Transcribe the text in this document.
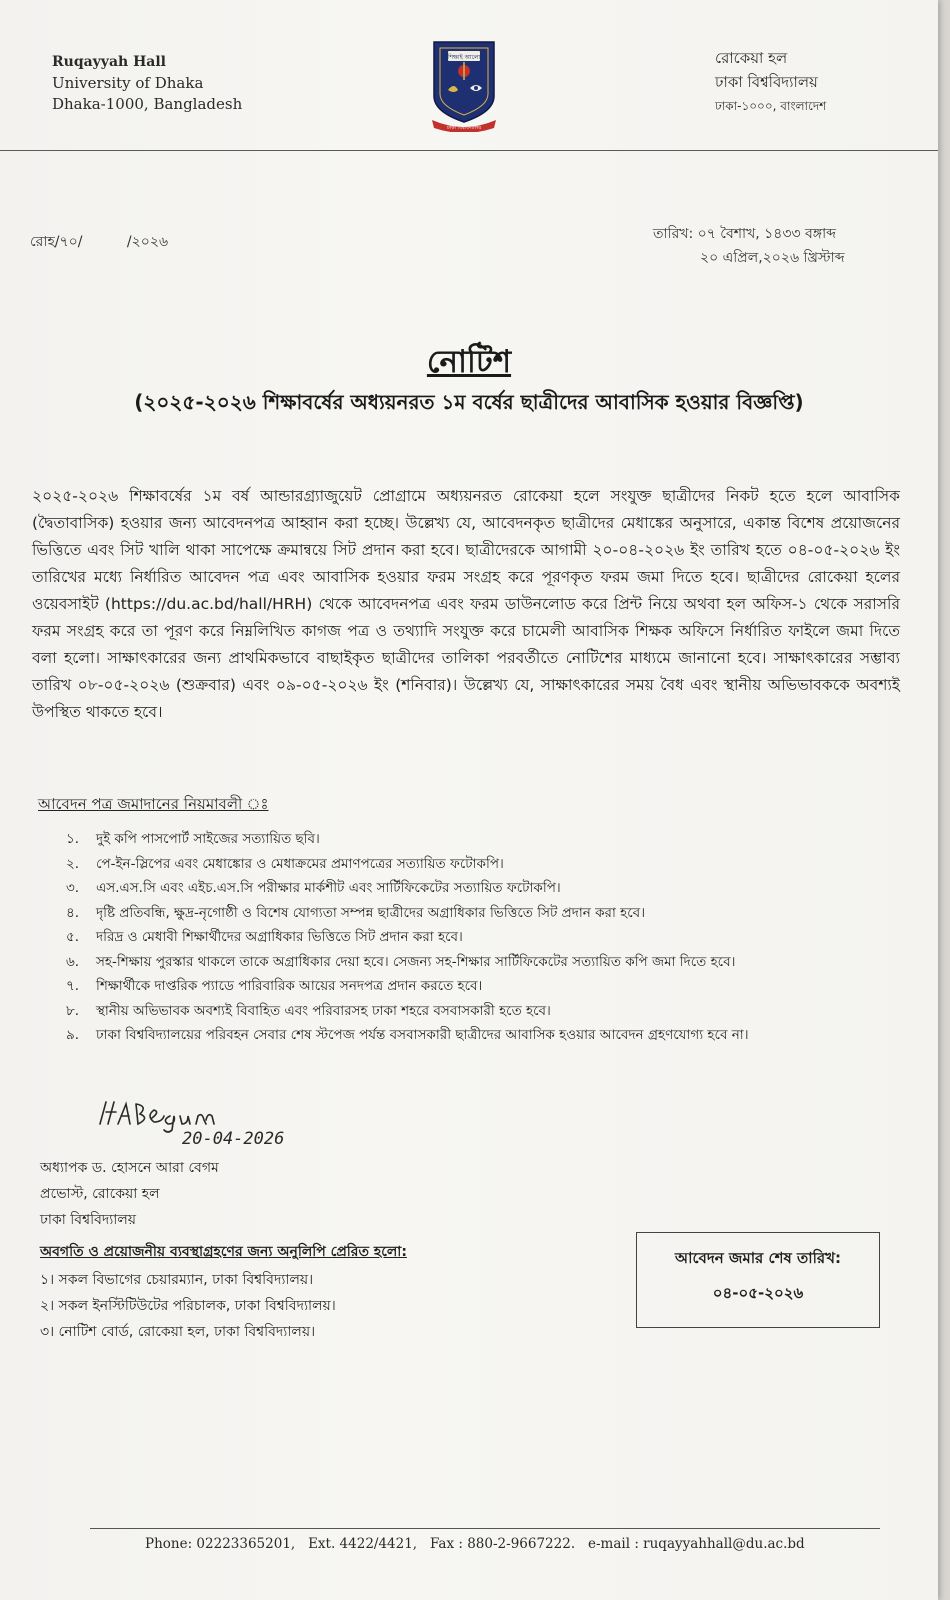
Ruqayyah Hall
University of Dhaka
Dhaka-1000, Bangladesh
শিক্ষাই আলো
ঢাকা বিশ্ববিদ্যালয়
রোকেয়া হল
ঢাকা বিশ্ববিদ্যালয়
ঢাকা-১০০০, বাংলাদেশ
রোহ/৭০/          /২০২৬	তারিখ: ০৭ বৈশাখ, ১৪৩৩ বঙ্গাব্দ
২০ এপ্রিল,২০২৬ খ্রিস্টাব্দ
নোটিশ
(২০২৫-২০২৬ শিক্ষাবর্ষের অধ্যয়নরত ১ম বর্ষের ছাত্রীদের আবাসিক হওয়ার বিজ্ঞপ্তি)
২০২৫-২০২৬ শিক্ষাবর্ষের ১ম বর্ষ আন্ডারগ্র্যাজুয়েট প্রোগ্রামে অধ্যয়নরত রোকেয়া হলে সংযুক্ত ছাত্রীদের নিকট হতে হলে আবাসিক (দ্বৈতাবাসিক) হওয়ার জন্য আবেদনপত্র আহ্বান করা হচ্ছে। উল্লেখ্য যে, আবেদনকৃত ছাত্রীদের মেধাঙ্কের অনুসারে, একান্ত বিশেষ প্রয়োজনের ভিত্তিতে এবং সিট খালি থাকা সাপেক্ষে ক্রমান্বয়ে সিট প্রদান করা হবে। ছাত্রীদেরকে আগামী ২০-০৪-২০২৬ ইং তারিখ হতে ০৪-০৫-২০২৬ ইং তারিখের মধ্যে নির্ধারিত আবেদন পত্র এবং আবাসিক হওয়ার ফরম সংগ্রহ করে পূরণকৃত ফরম জমা দিতে হবে। ছাত্রীদের রোকেয়া হলের ওয়েবসাইট (https://du.ac.bd/hall/HRH) থেকে আবেদনপত্র এবং ফরম ডাউনলোড করে প্রিন্ট নিয়ে অথবা হল অফিস-১ থেকে সরাসরি ফরম সংগ্রহ করে তা পূরণ করে নিম্নলিখিত কাগজ পত্র ও তথ্যাদি সংযুক্ত করে চামেলী আবাসিক শিক্ষক অফিসে নির্ধারিত ফাইলে জমা দিতে বলা হলো। সাক্ষাৎকারের জন্য প্রাথমিকভাবে বাছাইকৃত ছাত্রীদের তালিকা পরবর্তীতে নোটিশের মাধ্যমে জানানো হবে। সাক্ষাৎকারের সম্ভাব্য তারিখ ০৮-০৫-২০২৬ (শুক্রবার) এবং ০৯-০৫-২০২৬ ইং (শনিবার)। উল্লেখ্য যে, সাক্ষাৎকারের সময় বৈধ এবং স্থানীয় অভিভাবককে অবশ্যই উপস্থিত থাকতে হবে।
আবেদন পত্র জমাদানের নিয়মাবলী ঃ
১. দুই কপি পাসপোর্ট সাইজের সত্যায়িত ছবি।
২. পে-ইন-স্লিপের এবং মেধাঙ্কোর ও মেধাক্রমের প্রমাণপত্রের সত্যায়িত ফটোকপি।
৩. এস.এস.সি এবং এইচ.এস.সি পরীক্ষার মার্কশীট এবং সার্টিফিকেটের সত্যায়িত ফটোকপি।
৪. দৃষ্টি প্রতিবন্ধি, ক্ষুদ্র-নৃগোষ্ঠী ও বিশেষ যোগ্যতা সম্পন্ন ছাত্রীদের অগ্রাধিকার ভিত্তিতে সিট প্রদান করা হবে।
৫. দরিদ্র ও মেধাবী শিক্ষার্থীদের অগ্রাধিকার ভিত্তিতে সিট প্রদান করা হবে।
৬. সহ-শিক্ষায় পুরস্কার থাকলে তাকে অগ্রাধিকার দেয়া হবে। সেজন্য সহ-শিক্ষার সার্টিফিকেটের সত্যায়িত কপি জমা দিতে হবে।
৭. শিক্ষার্থীকে দাপ্তরিক প্যাডে পারিবারিক আয়ের সনদপত্র প্রদান করতে হবে।
৮. স্থানীয় অভিভাবক অবশ্যই বিবাহিত এবং পরিবারসহ ঢাকা শহরে বসবাসকারী হতে হবে।
৯. ঢাকা বিশ্ববিদ্যালয়ের পরিবহন সেবার শেষ স্টপেজ পর্যন্ত বসবাসকারী ছাত্রীদের আবাসিক হওয়ার আবেদন গ্রহণযোগ্য হবে না।
20-04-2026
অধ্যাপক ড. হোসনে আরা বেগম
প্রভোস্ট, রোকেয়া হল
ঢাকা বিশ্ববিদ্যালয়
অবগতি ও প্রয়োজনীয় ব্যবস্থাগ্রহণের জন্য অনুলিপি প্রেরিত হলো:
১। সকল বিভাগের চেয়ারম্যান, ঢাকা বিশ্ববিদ্যালয়।
২। সকল ইনস্টিটিউটের পরিচালক, ঢাকা বিশ্ববিদ্যালয়।
৩। নোটিশ বোর্ড, রোকেয়া হল, ঢাকা বিশ্ববিদ্যালয়।
আবেদন জমার শেষ তারিখ:
০৪-০৫-২০২৬
Phone: 02223365201,   Ext. 4422/4421,   Fax : 880-2-9667222.   e-mail : ruqayyahhall@du.ac.bd
